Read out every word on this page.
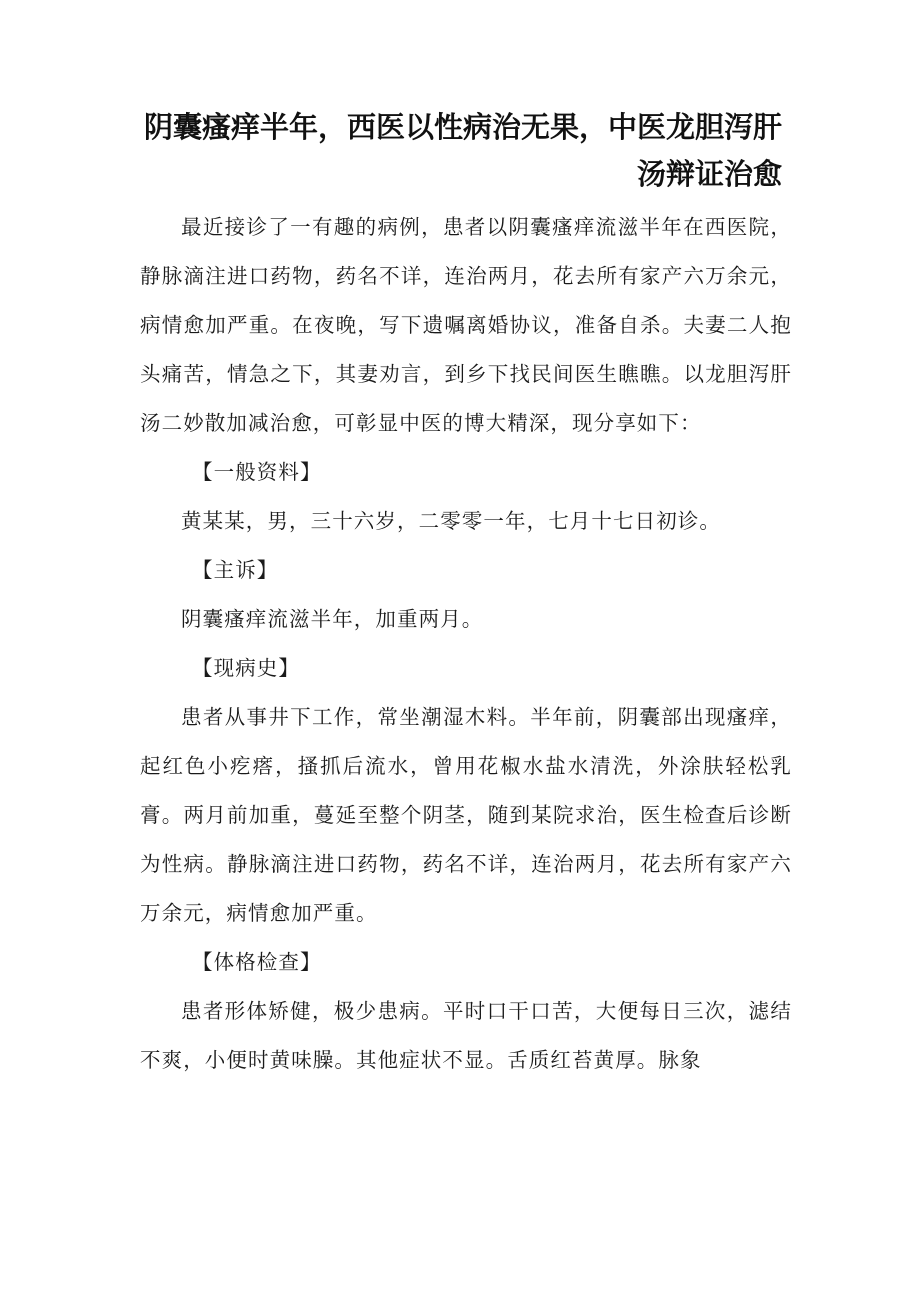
阴囊瘙痒半年，西医以性病治无果，中医龙胆泻肝汤辩证治愈

最近接诊了一有趣的病例，患者以阴囊瘙痒流滋半年在西医院，静脉滴注进口药物，药名不详，连治两月，花去所有家产六万余元，病情愈加严重。在夜晚，写下遗嘱离婚协议，准备自杀。夫妻二人抱头痛苦，情急之下，其妻劝言，到乡下找民间医生瞧瞧。以龙胆泻肝汤二妙散加减治愈，可彰显中医的博大精深，现分享如下：

【一般资料】

黄某某，男，三十六岁，二零零一年，七月十七日初诊。

【主诉】

阴囊瘙痒流滋半年，加重两月。

【现病史】

患者从事井下工作，常坐潮湿木料。半年前，阴囊部出现瘙痒，起红色小疙瘩，搔抓后流水，曾用花椒水盐水清洗，外涂肤轻松乳膏。两月前加重，蔓延至整个阴茎，随到某院求治，医生检查后诊断为性病。静脉滴注进口药物，药名不详，连治两月，花去所有家产六万余元，病情愈加严重。

【体格检查】

患者形体矫健，极少患病。平时口干口苦，大便每日三次，滤结不爽，小便时黄味臊。其他症状不显。舌质红苔黄厚。脉象
